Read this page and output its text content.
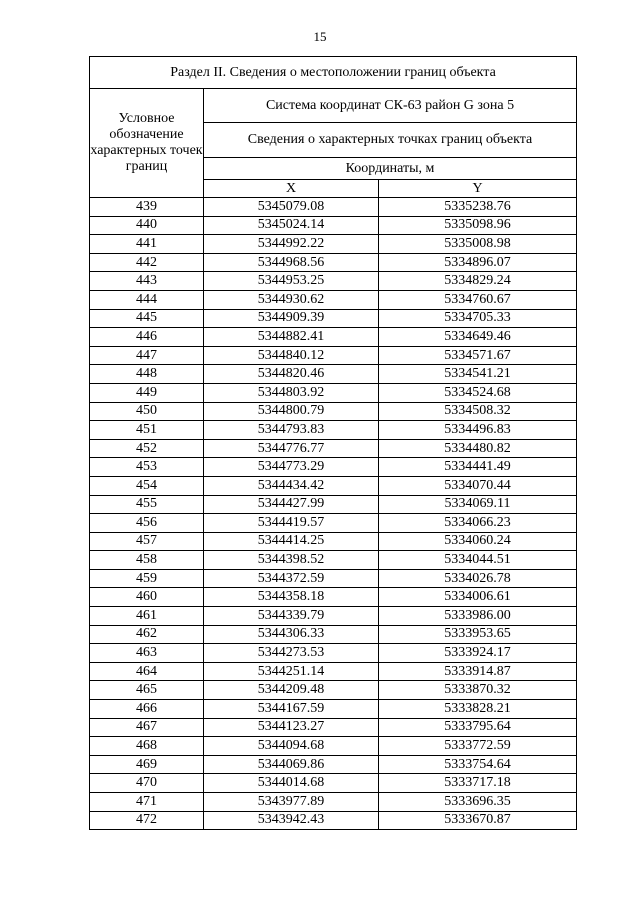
15
Раздел II. Сведения о местоположении границ объекта		
Условное обозначение характерных точек границ	Система координат СК-63 район G зона 5	
	Сведения о характерных точках границ объекта	
	Координаты, м	
	X	Y
439	5345079.08	5335238.76
440	5345024.14	5335098.96
441	5344992.22	5335008.98
442	5344968.56	5334896.07
443	5344953.25	5334829.24
444	5344930.62	5334760.67
445	5344909.39	5334705.33
446	5344882.41	5334649.46
447	5344840.12	5334571.67
448	5344820.46	5334541.21
449	5344803.92	5334524.68
450	5344800.79	5334508.32
451	5344793.83	5334496.83
452	5344776.77	5334480.82
453	5344773.29	5334441.49
454	5344434.42	5334070.44
455	5344427.99	5334069.11
456	5344419.57	5334066.23
457	5344414.25	5334060.24
458	5344398.52	5334044.51
459	5344372.59	5334026.78
460	5344358.18	5334006.61
461	5344339.79	5333986.00
462	5344306.33	5333953.65
463	5344273.53	5333924.17
464	5344251.14	5333914.87
465	5344209.48	5333870.32
466	5344167.59	5333828.21
467	5344123.27	5333795.64
468	5344094.68	5333772.59
469	5344069.86	5333754.64
470	5344014.68	5333717.18
471	5343977.89	5333696.35
472	5343942.43	5333670.87
